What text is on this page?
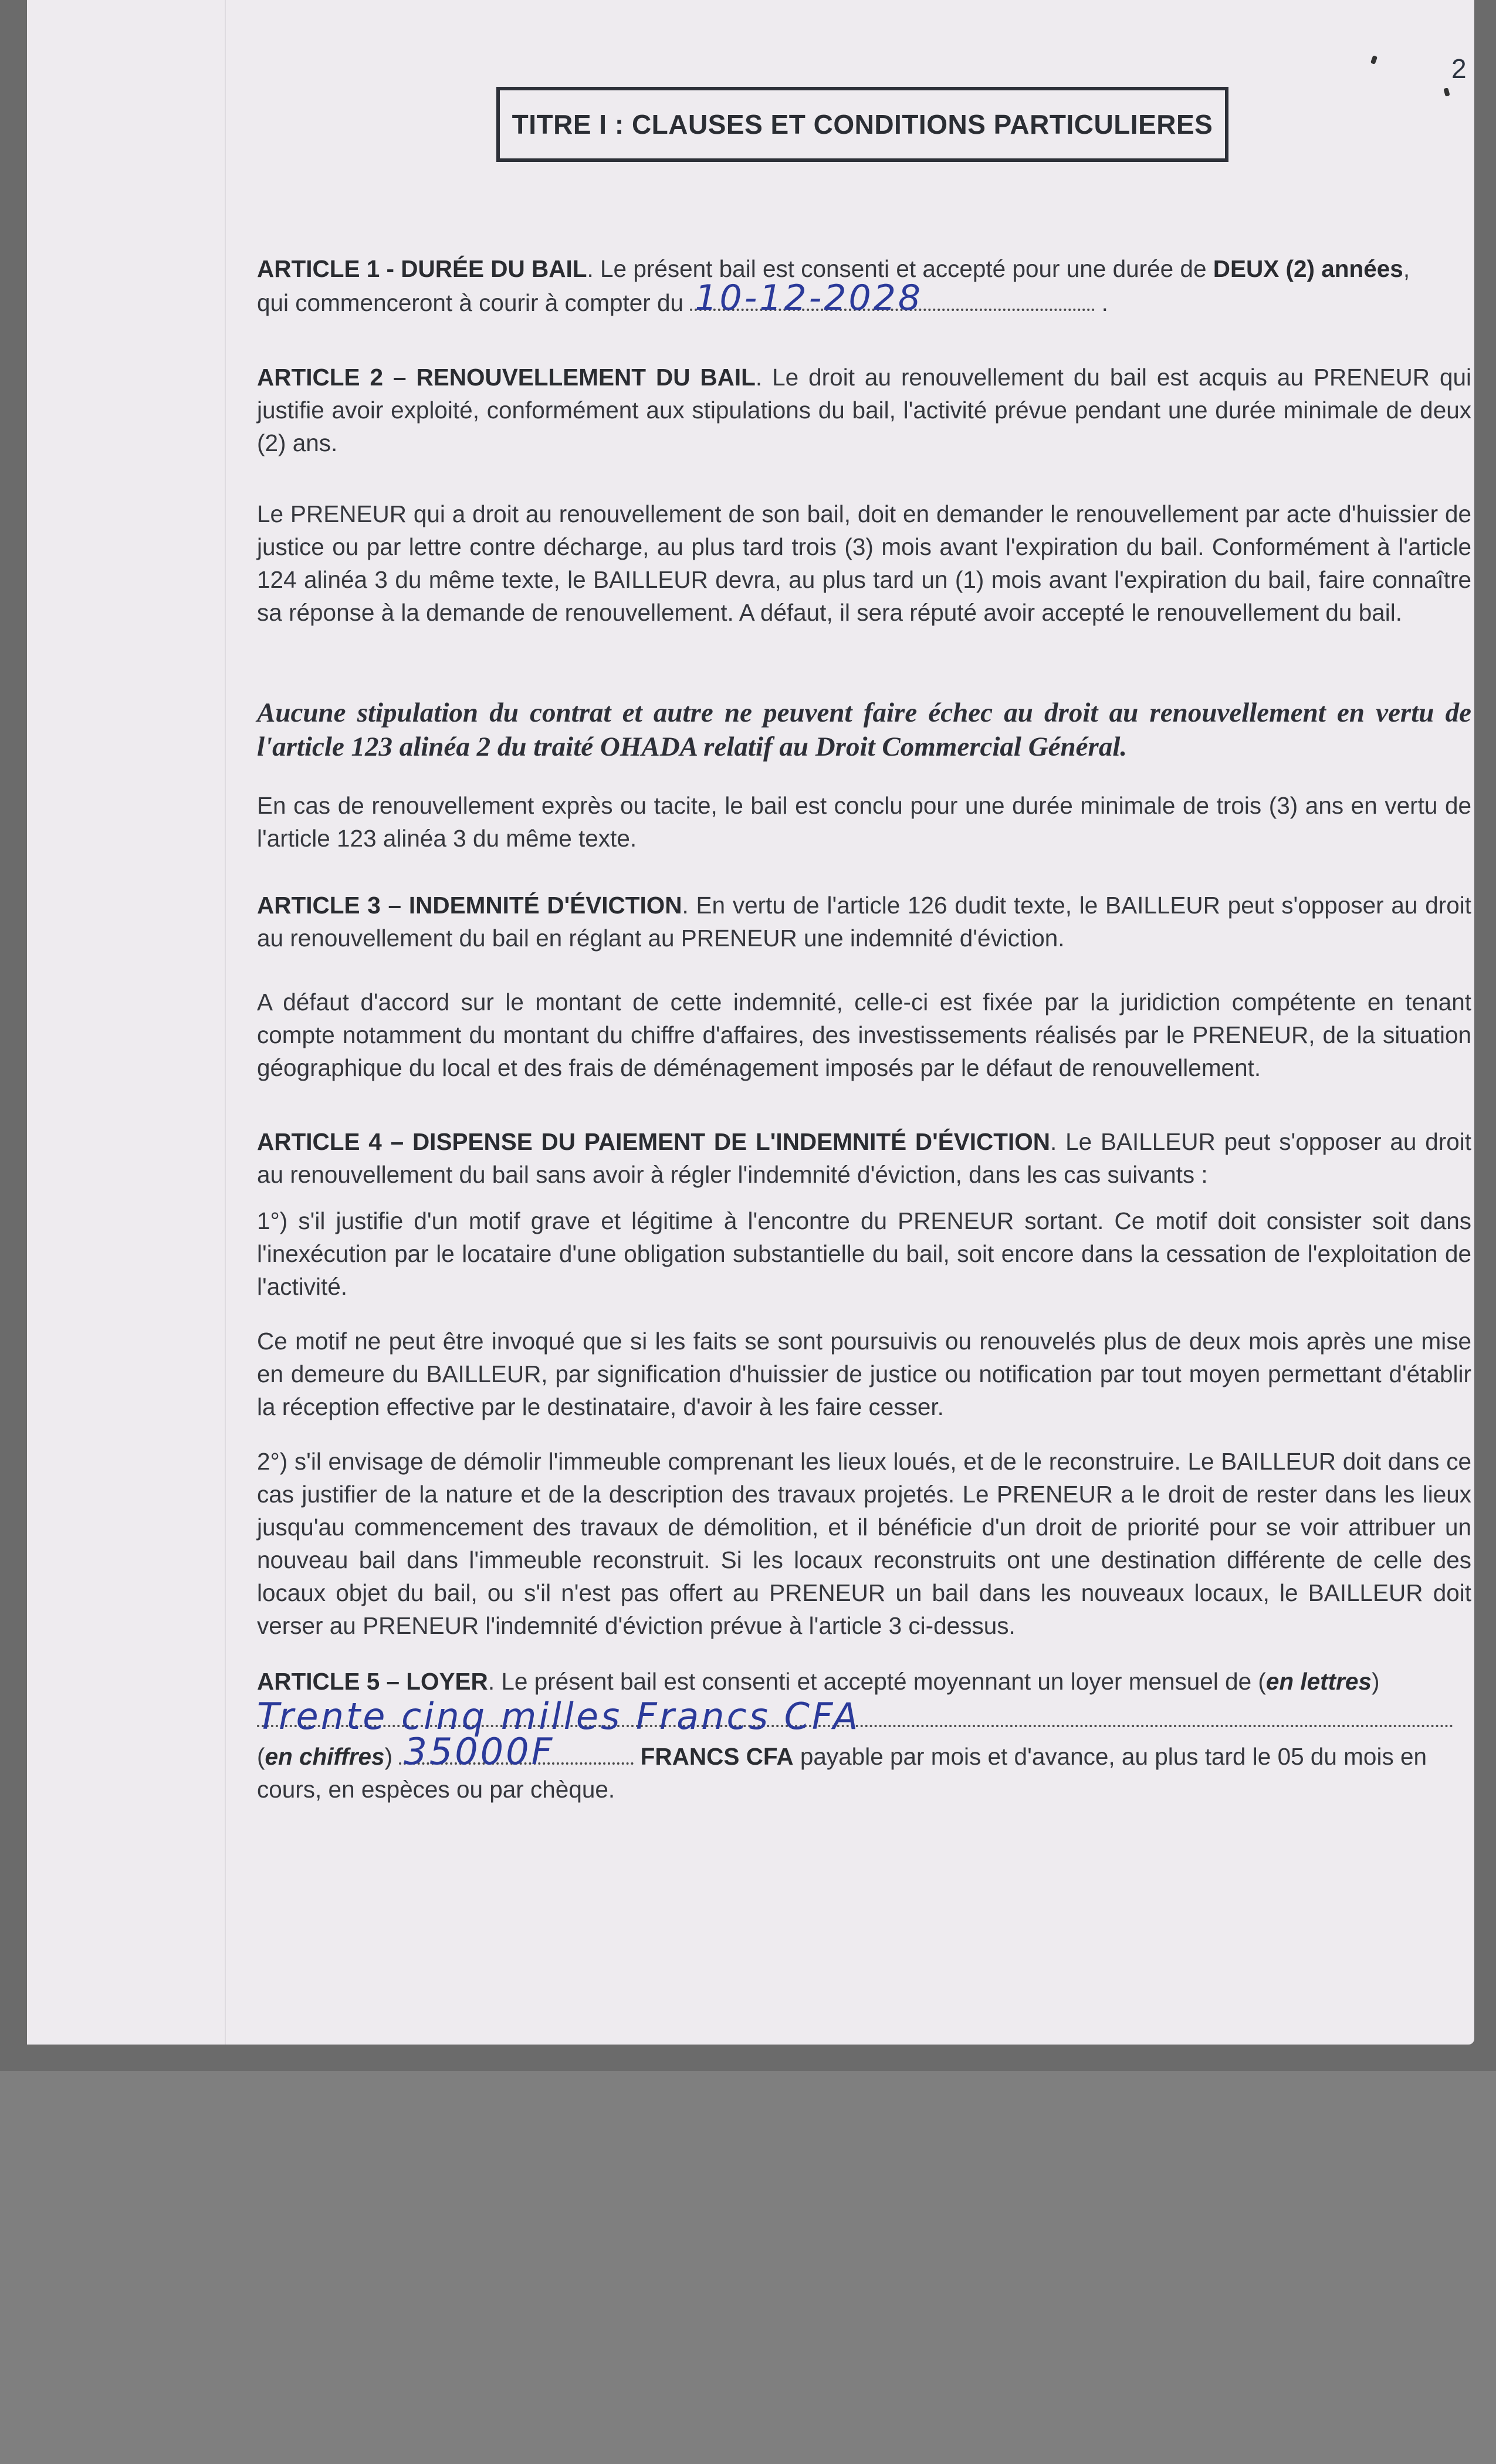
2
TITRE I : CLAUSES ET CONDITIONS PARTICULIERES

ARTICLE 1 - DURÉE DU BAIL. Le présent bail est consenti et accepté pour une durée de DEUX (2) années,
qui commenceront à courir à compter du 10-12-2028	.

ARTICLE 2 – RENOUVELLEMENT DU BAIL. Le droit au renouvellement du bail est acquis au PRENEUR qui justifie avoir exploité, conformément aux stipulations du bail, l'activité prévue pendant une durée minimale de deux (2) ans.

Le PRENEUR qui a droit au renouvellement de son bail, doit en demander le renouvellement par acte d'huissier de justice ou par lettre contre décharge, au plus tard trois (3) mois avant l'expiration du bail. Conformément à l'article 124 alinéa 3 du même texte, le BAILLEUR devra, au plus tard un (1) mois avant l'expiration du bail, faire connaître sa réponse à la demande de renouvellement. A défaut, il sera réputé avoir accepté le renouvellement du bail.

Aucune stipulation du contrat et autre ne peuvent faire échec au droit au renouvellement en vertu de l'article 123 alinéa 2 du traité OHADA relatif au Droit Commercial Général.

En cas de renouvellement exprès ou tacite, le bail est conclu pour une durée minimale de trois (3) ans en vertu de l'article 123 alinéa 3 du même texte.

ARTICLE 3 – INDEMNITÉ D'ÉVICTION. En vertu de l'article 126 dudit texte, le BAILLEUR peut s'opposer au droit au renouvellement du bail en réglant au PRENEUR une indemnité d'éviction.

A défaut d'accord sur le montant de cette indemnité, celle-ci est fixée par la juridiction compétente en tenant compte notamment du montant du chiffre d'affaires, des investissements réalisés par le PRENEUR, de la situation géographique du local et des frais de déménagement imposés par le défaut de renouvellement.

ARTICLE 4 – DISPENSE DU PAIEMENT DE L'INDEMNITÉ D'ÉVICTION. Le BAILLEUR peut s'opposer au droit au renouvellement du bail sans avoir à régler l'indemnité d'éviction, dans les cas suivants :

1°) s'il justifie d'un motif grave et légitime à l'encontre du PRENEUR sortant. Ce motif doit consister soit dans l'inexécution par le locataire d'une obligation substantielle du bail, soit encore dans la cessation de l'exploitation de l'activité.

Ce motif ne peut être invoqué que si les faits se sont poursuivis ou renouvelés plus de deux mois après une mise en demeure du BAILLEUR, par signification d'huissier de justice ou notification par tout moyen permettant d'établir la réception effective par le destinataire, d'avoir à les faire cesser.

2°) s'il envisage de démolir l'immeuble comprenant les lieux loués, et de le reconstruire. Le BAILLEUR doit dans ce cas justifier de la nature et de la description des travaux projetés. Le PRENEUR a le droit de rester dans les lieux jusqu'au commencement des travaux de démolition, et il bénéficie d'un droit de priorité pour se voir attribuer un nouveau bail dans l'immeuble reconstruit. Si les locaux reconstruits ont une destination différente de celle des locaux objet du bail, ou s'il n'est pas offert au PRENEUR un bail dans les nouveaux locaux, le BAILLEUR doit verser au PRENEUR l'indemnité d'éviction prévue à l'article 3 ci-dessus.

ARTICLE 5 – LOYER. Le présent bail est consenti et accepté moyennant un loyer mensuel de (en lettres)

Trente cinq milles Francs CFA

(en chiffres) 35000F	FRANCS CFA payable par mois et d'avance, au plus tard le 05 du mois en cours, en espèces ou par chèque.
